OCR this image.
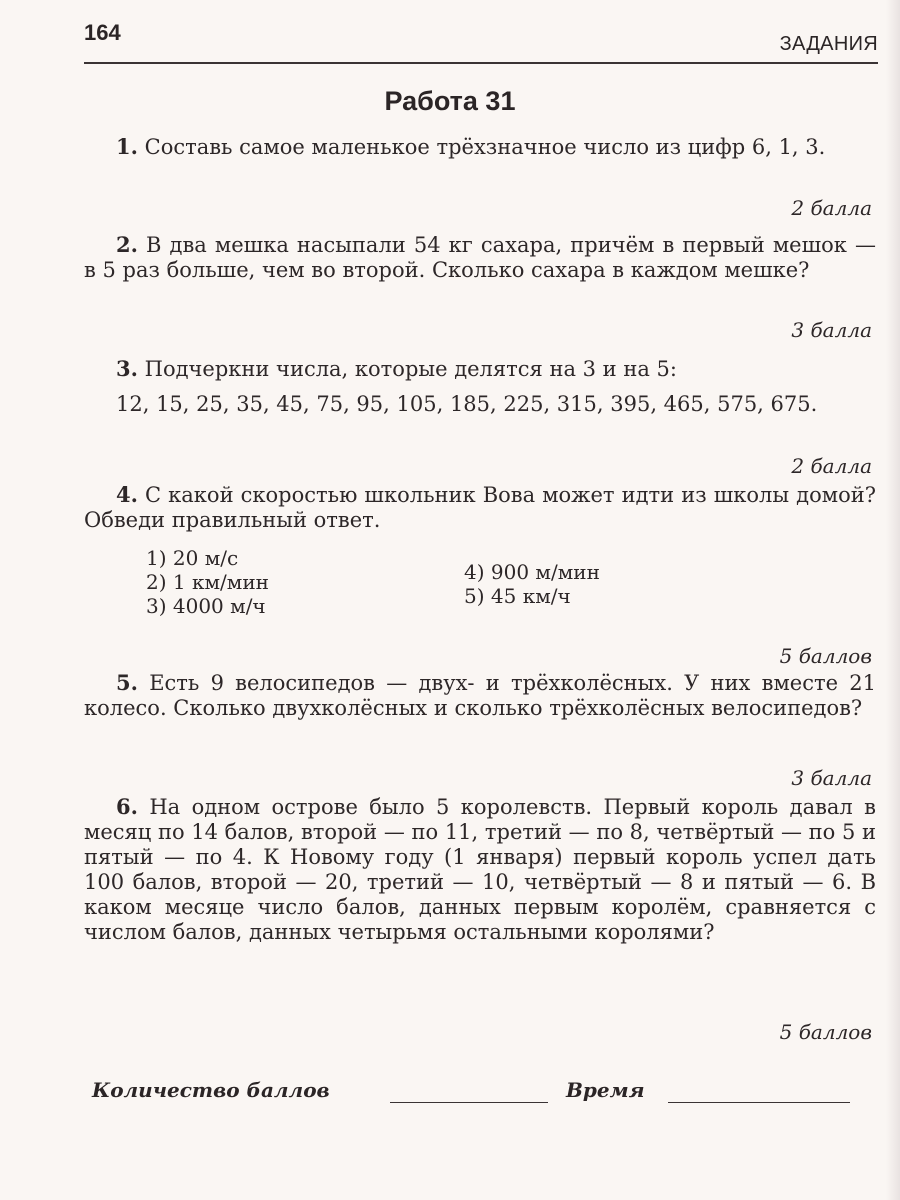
164	ЗАДАНИЯ
Работа 31

1. Составь самое маленькое трёхзначное число из цифр 6, 1, 3.

2 балла

2. В два мешка насыпали 54 кг сахара, причём в первый мешок — в 5 раз больше, чем во второй. Сколько сахара в каждом мешке?

3 балла

3. Подчеркни числа, которые делятся на 3 и на 5:

12, 15, 25, 35, 45, 75, 95, 105, 185, 225, 315, 395, 465, 575, 675.

2 балла

4. С какой скоростью школьник Вова может идти из школы домой? Обведи правильный ответ.

1) 20 м/с
2) 1 км/мин
3) 4000 м/ч
4) 900 м/мин
5) 45 км/ч
5 баллов

5. Есть 9 велосипедов — двух- и трёхколёсных. У них вместе 21 колесо. Сколько двухколёсных и сколько трёхколёсных велосипедов?

3 балла

6. На одном острове было 5 королевств. Первый король давал в месяц по 14 балов, второй — по 11, третий — по 8, четвёртый — по 5 и пятый — по 4. К Новому году (1 января) первый король успел дать 100 балов, второй — 20, третий — 10, четвёртый — 8 и пятый — 6. В каком месяце число балов, данных первым королём, сравняется с числом балов, данных четырьмя остальными королями?

5 баллов
Количество баллов	Время
